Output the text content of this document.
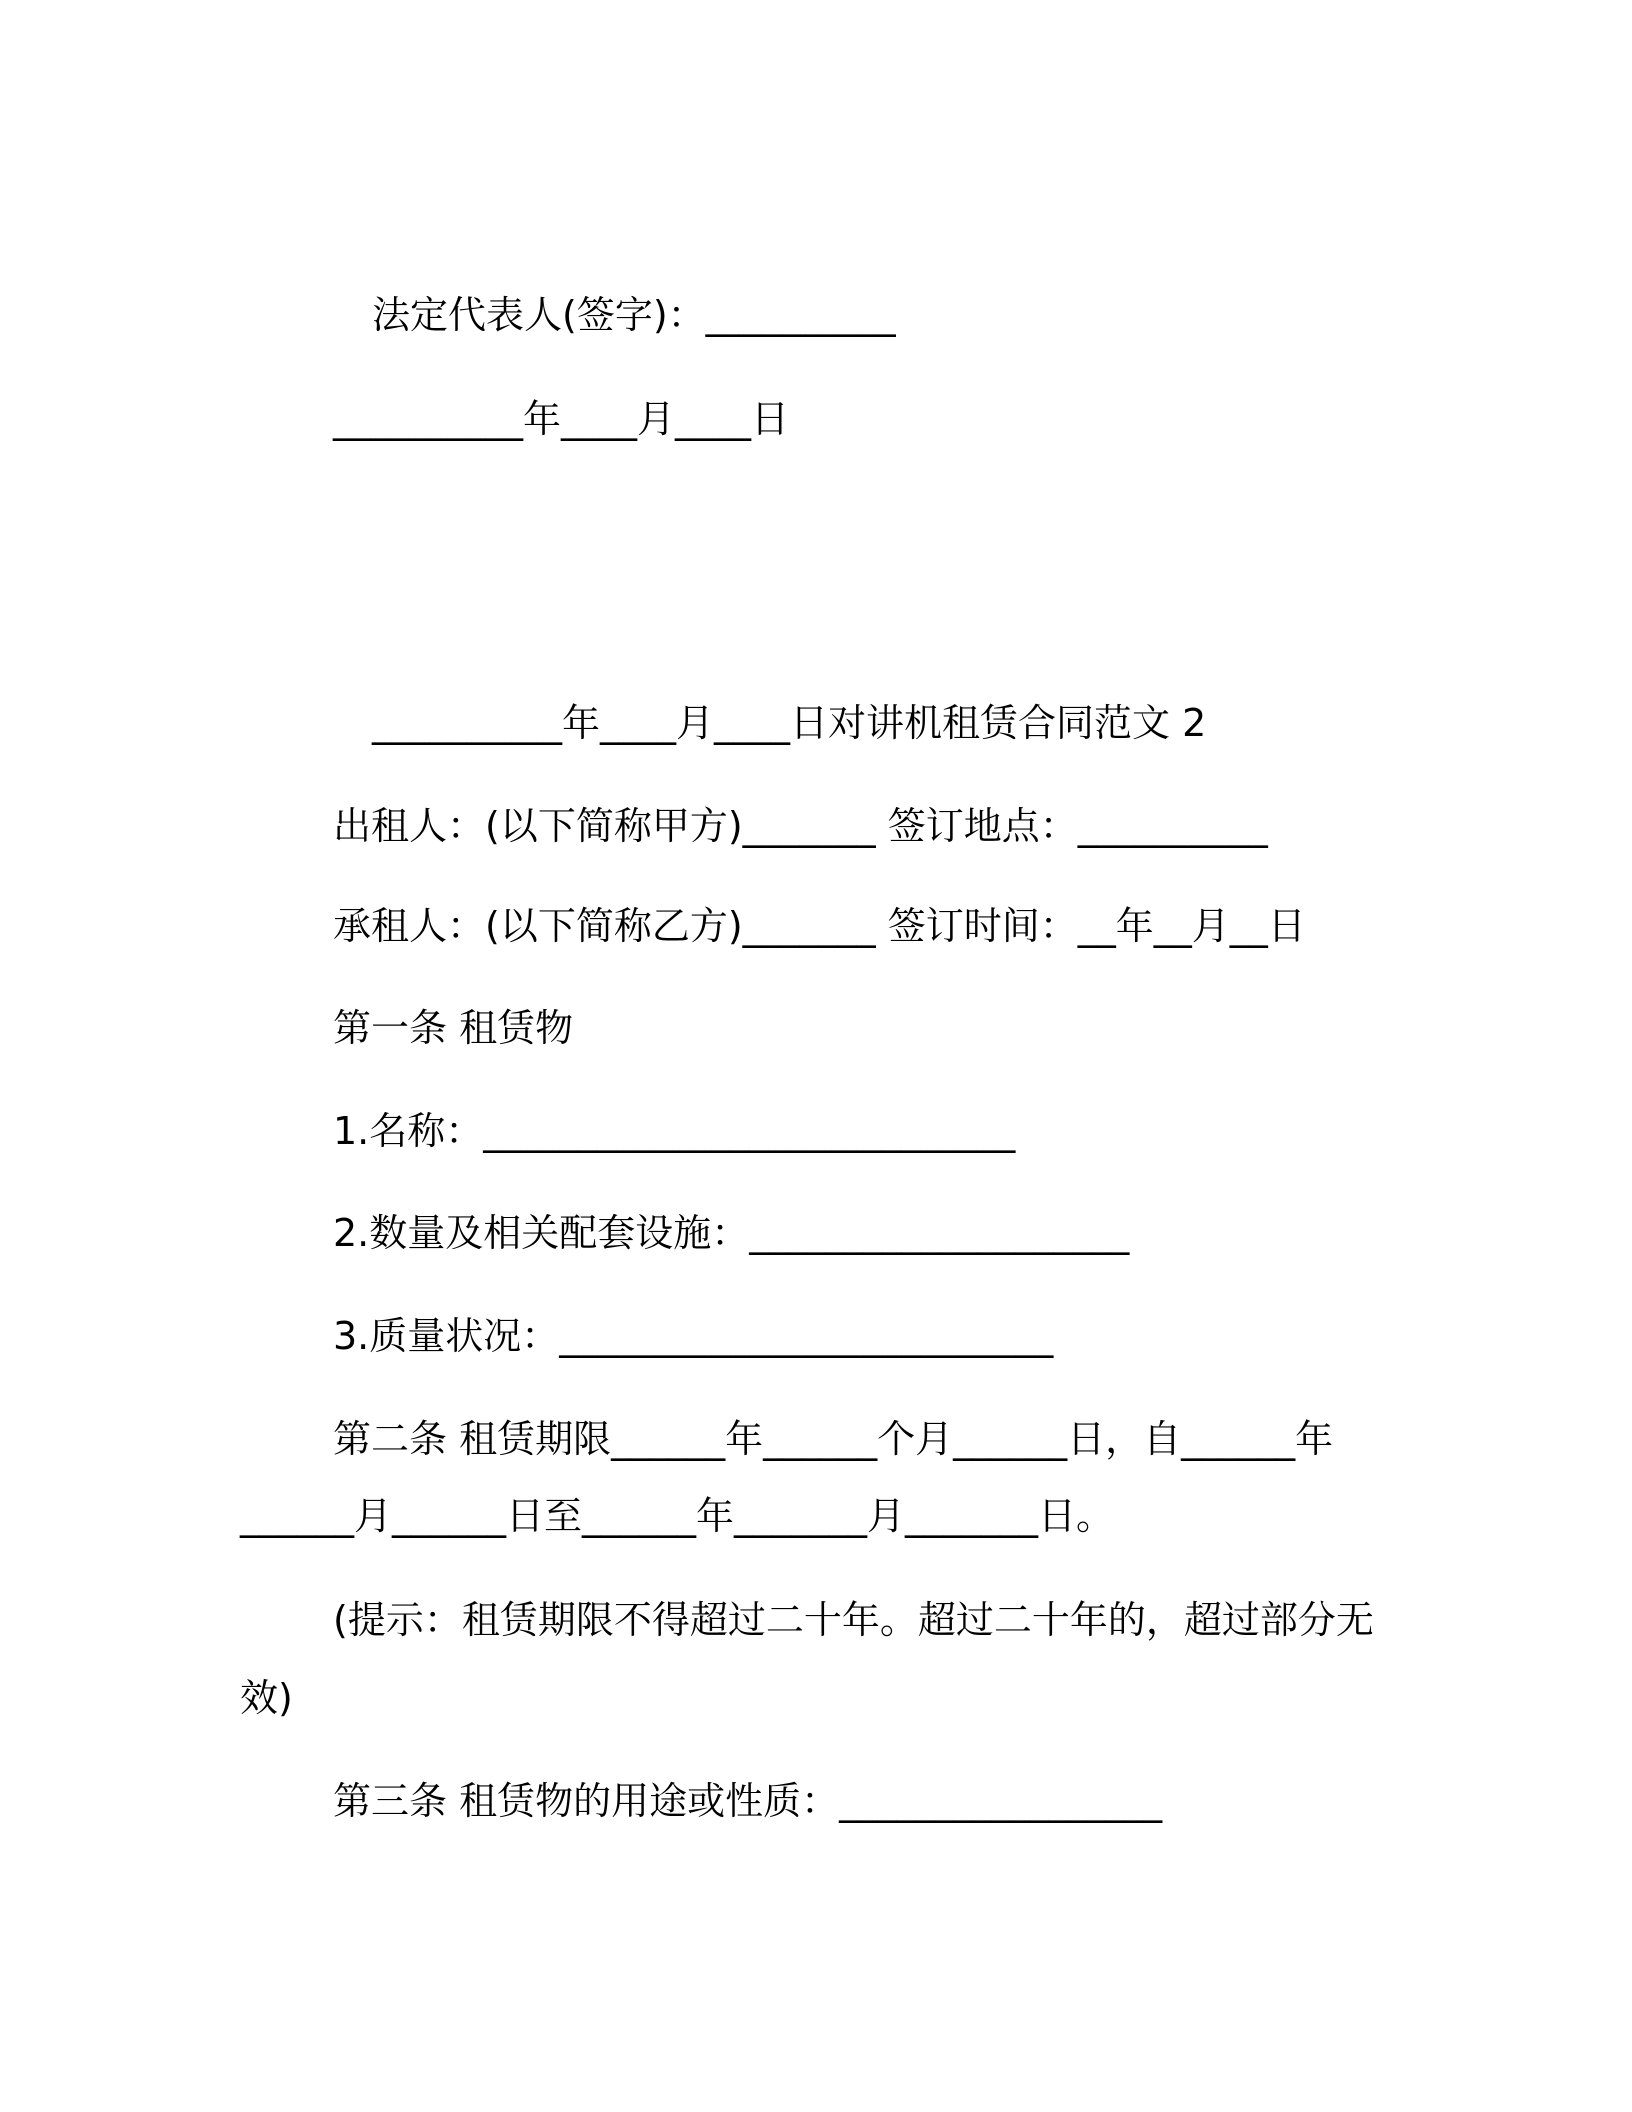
法定代表人(签字)：__________
__________年____月____日
__________年____月____日对讲机租赁合同范文 2
出租人：(以下简称甲方)_______ 签订地点：__________
承租人：(以下简称乙方)_______ 签订时间：__年__月__日
第一条 租赁物
1.名称：____________________________
2.数量及相关配套设施：____________________
3.质量状况：__________________________
第二条 租赁期限______年______个月______日，自______年
______月______日至______年_______月_______日。
(提示：租赁期限不得超过二十年。超过二十年的，超过部分无
效)
第三条 租赁物的用途或性质：_________________
